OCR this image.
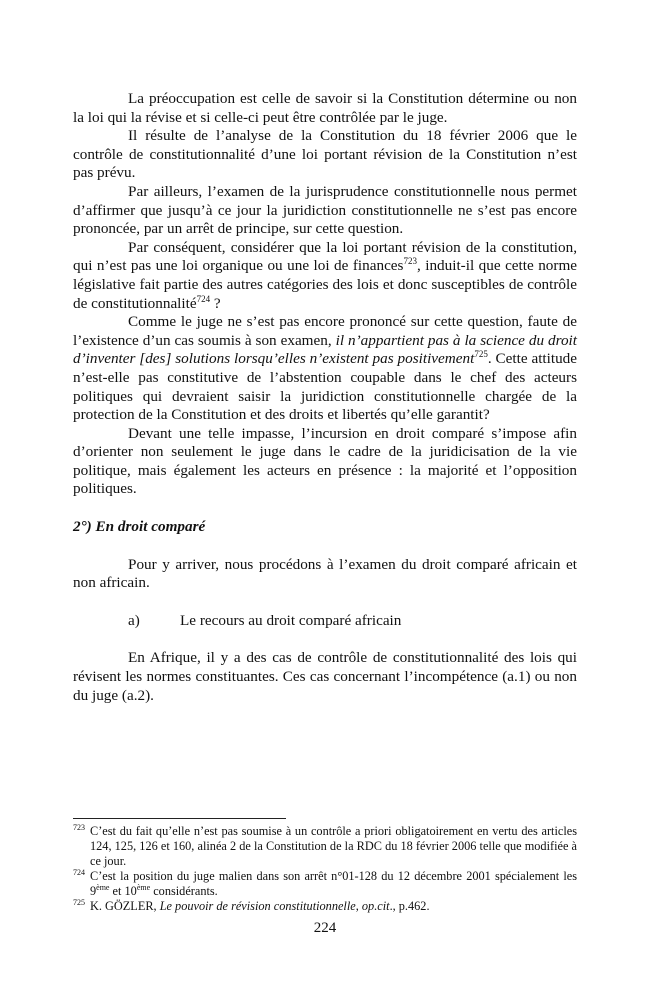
La préoccupation est celle de savoir si la Constitution détermine ou non la loi qui la révise et si celle-ci peut être contrôlée par le juge.

Il résulte de l’analyse de la Constitution du 18 février 2006 que le contrôle de constitutionnalité d’une loi portant révision de la Constitution n’est pas prévu.

Par ailleurs, l’examen de la jurisprudence constitutionnelle nous permet d’affirmer que jusqu’à ce jour la juridiction constitutionnelle ne s’est pas encore prononcée, par un arrêt de principe, sur cette question.

Par conséquent, considérer que la loi portant révision de la constitution, qui n’est pas une loi organique ou une loi de finances$^{723}$, induit-il que cette norme législative fait partie des autres catégories des lois et donc susceptibles de contrôle de constitutionnalité$^{724}$ ?

Comme le juge ne s’est pas encore prononcé sur cette question, faute de l’existence d’un cas soumis à son examen, il n’appartient pas à la science du droit d’inventer [des] solutions lorsqu’elles n’existent pas positivement$^{725}$. Cette attitude n’est-elle pas constitutive de l’abstention coupable dans le chef des acteurs politiques qui devraient saisir la juridiction constitutionnelle chargée de la protection de la Constitution et des droits et libertés qu’elle garantit?

Devant une telle impasse, l’incursion en droit comparé s’impose afin d’orienter non seulement le juge dans le cadre de la juridicisation de la vie politique, mais également les acteurs en présence : la majorité et l’opposition politiques.

2°) En droit comparé

Pour y arriver, nous procédons à l’examen du droit comparé africain et non africain.

a)	Le recours au droit comparé africain

En Afrique, il y a des cas de contrôle de constitutionnalité des lois qui révisent les normes constituantes. Ces cas concernant l’incompétence (a.1) ou non du juge (a.2).

$^{723}$ C’est du fait qu’elle n’est pas soumise à un contrôle a priori obligatoirement en vertu des articles 124, 125, 126 et 160, alinéa 2 de la Constitution de la RDC du 18 février 2006 telle que modifiée à ce jour.

$^{724}$ C’est la position du juge malien dans son arrêt n°01-128 du 12 décembre 2001 spécialement les 9ème et 10ème considérants.

$^{725}$ K. GÖZLER, Le pouvoir de révision constitutionnelle, op.cit., p.462.

224
